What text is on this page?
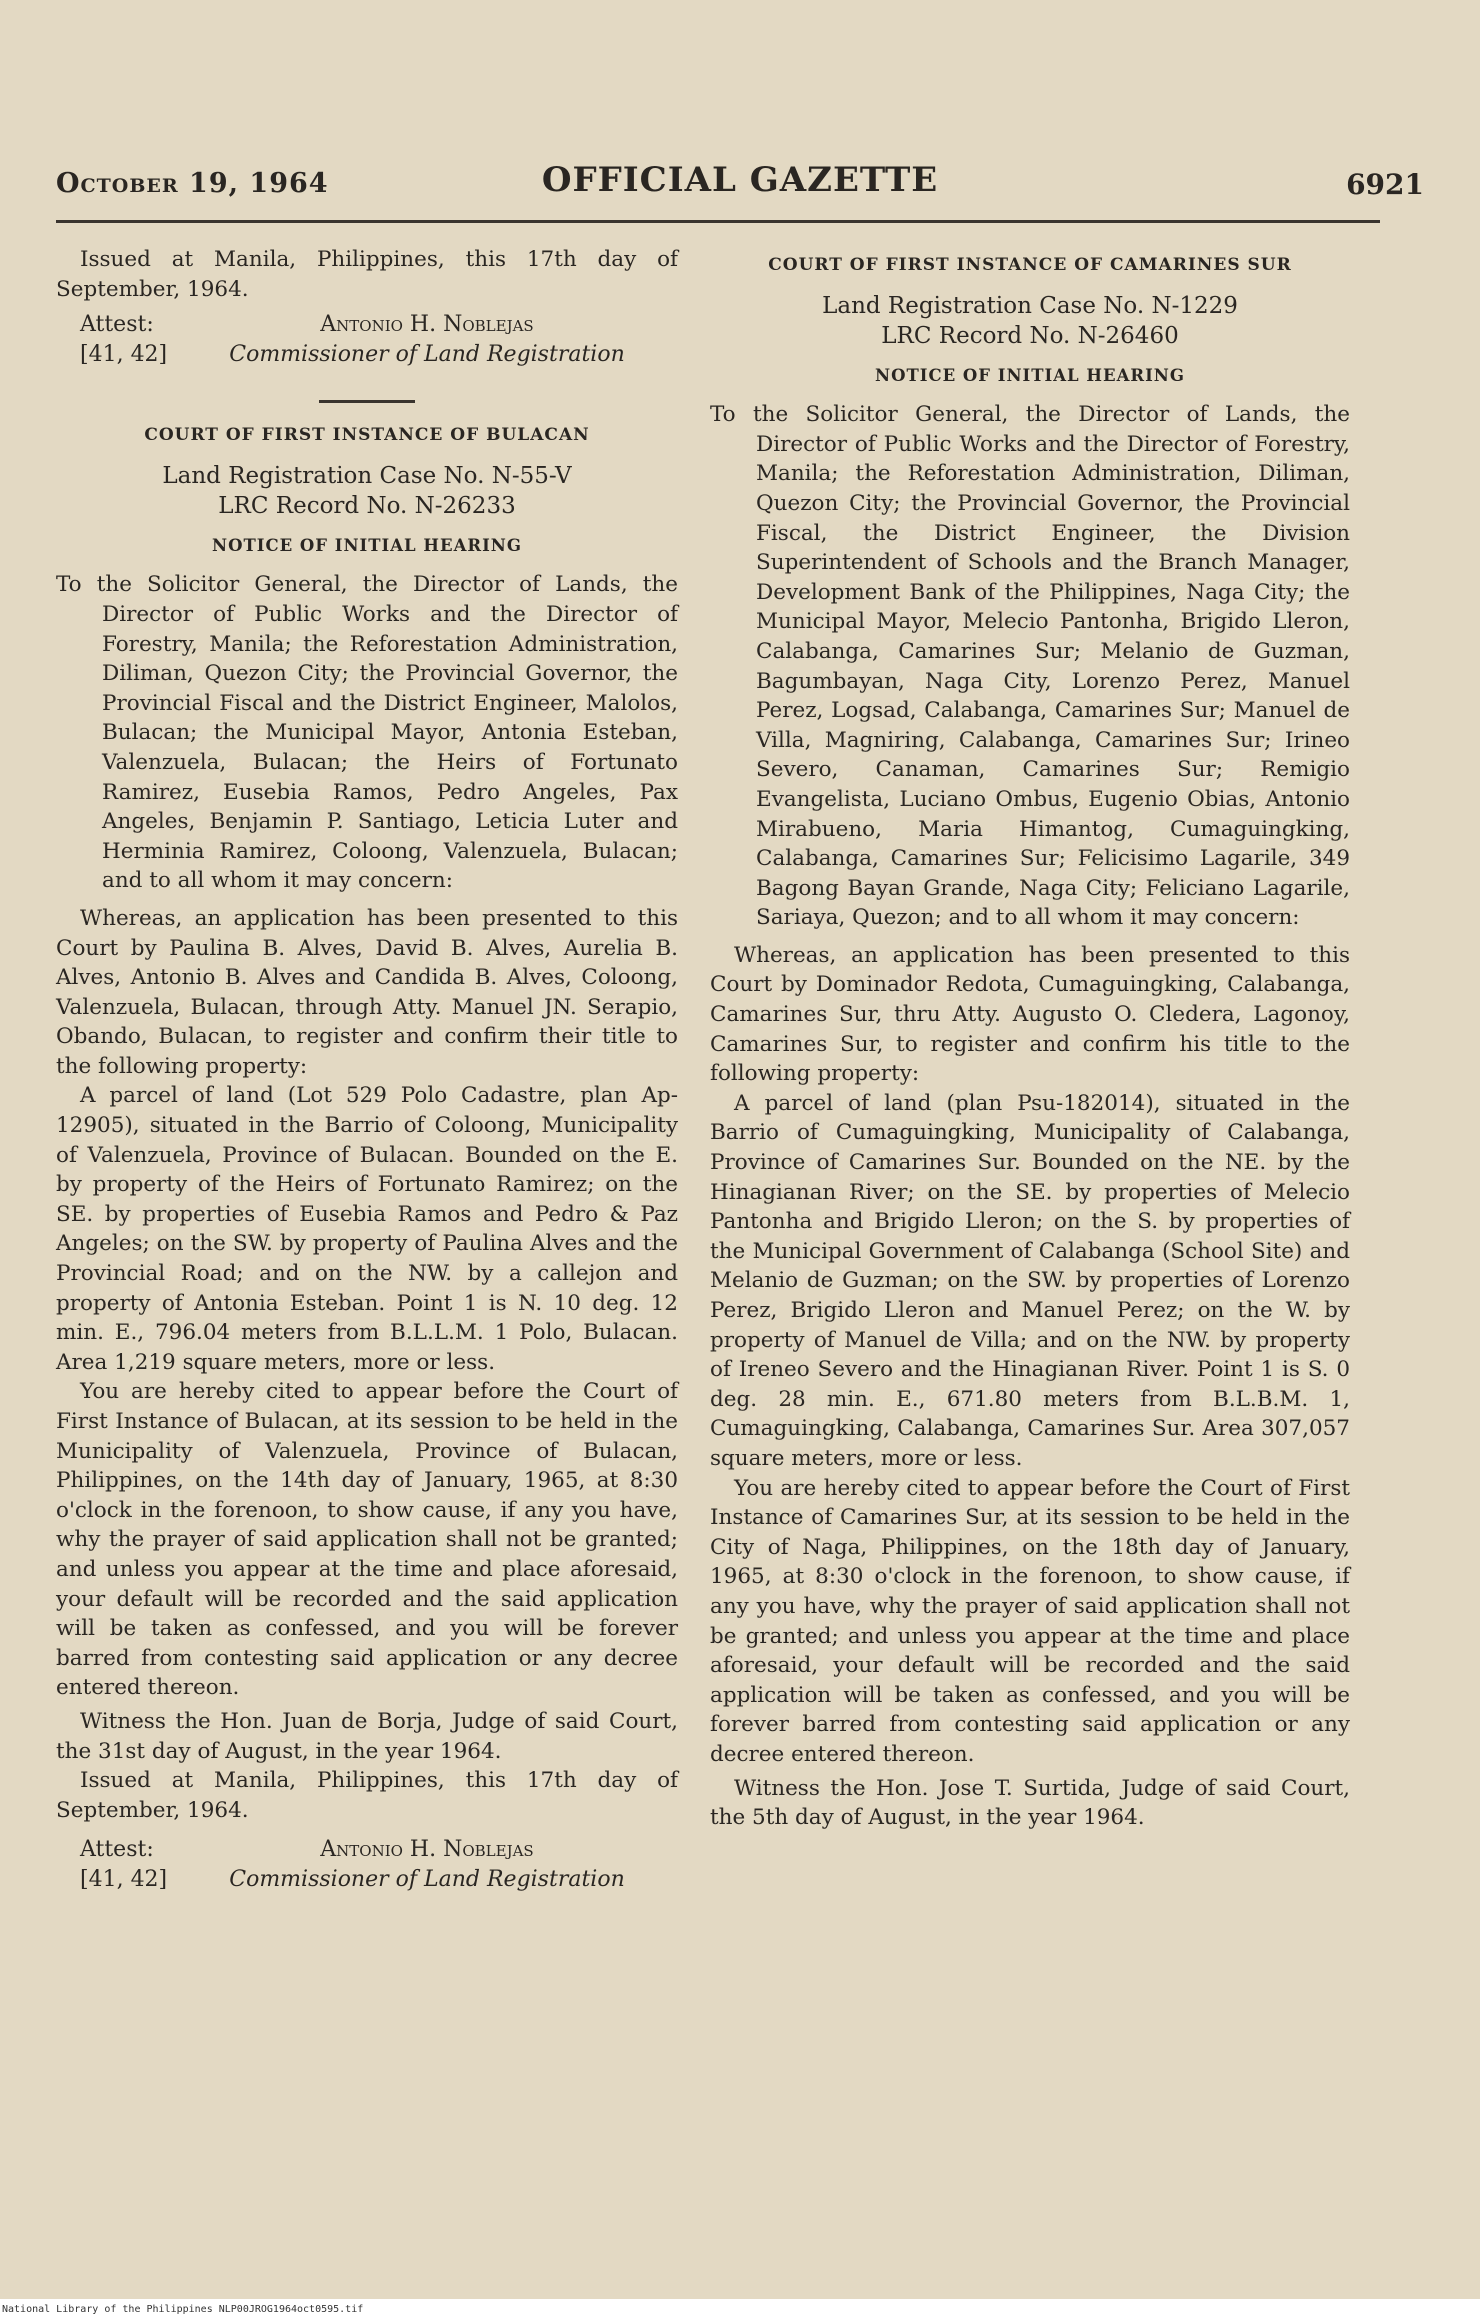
October 19, 1964	OFFICIAL GAZETTE	6921

Issued at Manila, Philippines, this 17th day of September, 1964.

Attest:	Antonio H. Noblejas
[41, 42]	Commissioner of Land Registration
COURT OF FIRST INSTANCE OF BULACAN

Land Registration Case No. N-55-V

LRC Record No. N-26233

NOTICE OF INITIAL HEARING

To the Solicitor General, the Director of Lands, the Director of Public Works and the Director of Forestry, Manila; the Reforestation Administration, Diliman, Quezon City; the Provincial Governor, the Provincial Fiscal and the District Engineer, Malolos, Bulacan; the Municipal Mayor, Antonia Esteban, Valenzuela, Bulacan; the Heirs of Fortunato Ramirez, Eusebia Ramos, Pedro Angeles, Pax Angeles, Benjamin P. Santiago, Leticia Luter and Herminia Ramirez, Coloong, Valenzuela, Bulacan; and to all whom it may concern:

Whereas, an application has been presented to this Court by Paulina B. Alves, David B. Alves, Aurelia B. Alves, Antonio B. Alves and Candida B. Alves, Coloong, Valenzuela, Bulacan, through Atty. Manuel JN. Serapio, Obando, Bulacan, to register and confirm their title to the following property:

A parcel of land (Lot 529 Polo Cadastre, plan Ap-12905), situated in the Barrio of Coloong, Municipality of Valenzuela, Province of Bulacan. Bounded on the E. by property of the Heirs of Fortunato Ramirez; on the SE. by properties of Eusebia Ramos and Pedro & Paz Angeles; on the SW. by property of Paulina Alves and the Provincial Road; and on the NW. by a callejon and property of Antonia Esteban. Point 1 is N. 10 deg. 12 min. E., 796.04 meters from B.L.L.M. 1 Polo, Bulacan. Area 1,219 square meters, more or less.

You are hereby cited to appear before the Court of First Instance of Bulacan, at its session to be held in the Municipality of Valenzuela, Province of Bulacan, Philippines, on the 14th day of January, 1965, at 8:30 o'clock in the forenoon, to show cause, if any you have, why the prayer of said application shall not be granted; and unless you appear at the time and place aforesaid, your default will be recorded and the said application will be taken as confessed, and you will be forever barred from contesting said application or any decree entered thereon.

Witness the Hon. Juan de Borja, Judge of said Court, the 31st day of August, in the year 1964.

Issued at Manila, Philippines, this 17th day of September, 1964.

Attest:	Antonio H. Noblejas
[41, 42]	Commissioner of Land Registration
COURT OF FIRST INSTANCE OF CAMARINES SUR

Land Registration Case No. N-1229

LRC Record No. N-26460

NOTICE OF INITIAL HEARING

To the Solicitor General, the Director of Lands, the Director of Public Works and the Director of Forestry, Manila; the Reforestation Administration, Diliman, Quezon City; the Provincial Governor, the Provincial Fiscal, the District Engineer, the Division Superintendent of Schools and the Branch Manager, Development Bank of the Philippines, Naga City; the Municipal Mayor, Melecio Pantonha, Brigido Lleron, Calabanga, Camarines Sur; Melanio de Guzman, Bagumbayan, Naga City, Lorenzo Perez, Manuel Perez, Logsad, Calabanga, Camarines Sur; Manuel de Villa, Magniring, Calabanga, Camarines Sur; Irineo Severo, Canaman, Camarines Sur; Remigio Evangelista, Luciano Ombus, Eugenio Obias, Antonio Mirabueno, Maria Himantog, Cumaguingking, Calabanga, Camarines Sur; Felicisimo Lagarile, 349 Bagong Bayan Grande, Naga City; Feliciano Lagarile, Sariaya, Quezon; and to all whom it may concern:

Whereas, an application has been presented to this Court by Dominador Redota, Cumaguingking, Calabanga, Camarines Sur, thru Atty. Augusto O. Cledera, Lagonoy, Camarines Sur, to register and confirm his title to the following property:

A parcel of land (plan Psu-182014), situated in the Barrio of Cumaguingking, Municipality of Calabanga, Province of Camarines Sur. Bounded on the NE. by the Hinagianan River; on the SE. by properties of Melecio Pantonha and Brigido Lleron; on the S. by properties of the Municipal Government of Calabanga (School Site) and Melanio de Guzman; on the SW. by properties of Lorenzo Perez, Brigido Lleron and Manuel Perez; on the W. by property of Manuel de Villa; and on the NW. by property of Ireneo Severo and the Hinagianan River. Point 1 is S. 0 deg. 28 min. E., 671.80 meters from B.L.B.M. 1, Cumaguingking, Calabanga, Camarines Sur. Area 307,057 square meters, more or less.

You are hereby cited to appear before the Court of First Instance of Camarines Sur, at its session to be held in the City of Naga, Philippines, on the 18th day of January, 1965, at 8:30 o'clock in the forenoon, to show cause, if any you have, why the prayer of said application shall not be granted; and unless you appear at the time and place aforesaid, your default will be recorded and the said application will be taken as confessed, and you will be forever barred from contesting said application or any decree entered thereon.

Witness the Hon. Jose T. Surtida, Judge of said Court, the 5th day of August, in the year 1964.

National Library of the Philippines NLP00JROG1964oct0595.tif
